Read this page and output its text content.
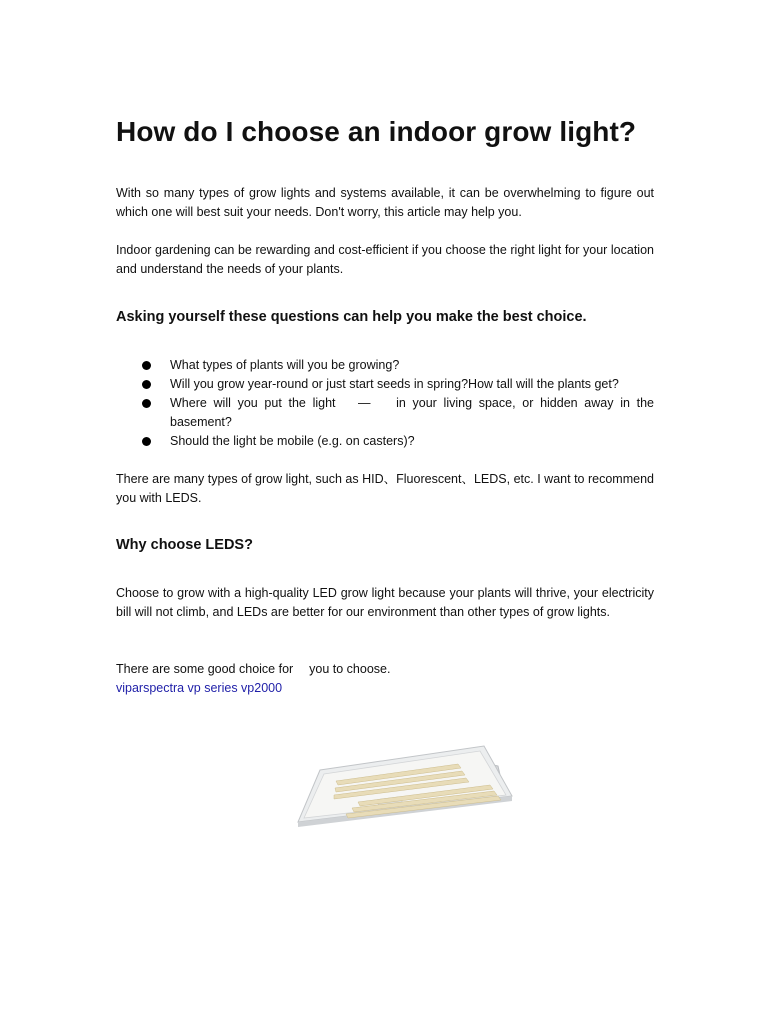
How do I choose an indoor grow light?

With so many types of grow lights and systems available, it can be overwhelming to figure out which one will best suit your needs. Don't worry, this article may help you.

Indoor gardening can be rewarding and cost-efficient if you choose the right light for your location and understand the needs of your plants.

Asking yourself these questions can help you make the best choice.
What types of plants will you be growing?
Will you grow year-round or just start seeds in spring?How tall will the plants get?
Where will you put the light 　—　 in your living space, or hidden away in the basement?
Should the light be mobile (e.g. on casters)?

There are many types of grow light, such as HID、Fluorescent、LEDS, etc. I want to recommend you with LEDS.

Why choose LEDS?

Choose to grow with a high-quality LED grow light because your plants will thrive, your electricity bill will not climb, and LEDs are better for our environment than other types of grow lights.

There are some good choice for 　you to choose.

viparspectra vp series vp2000
